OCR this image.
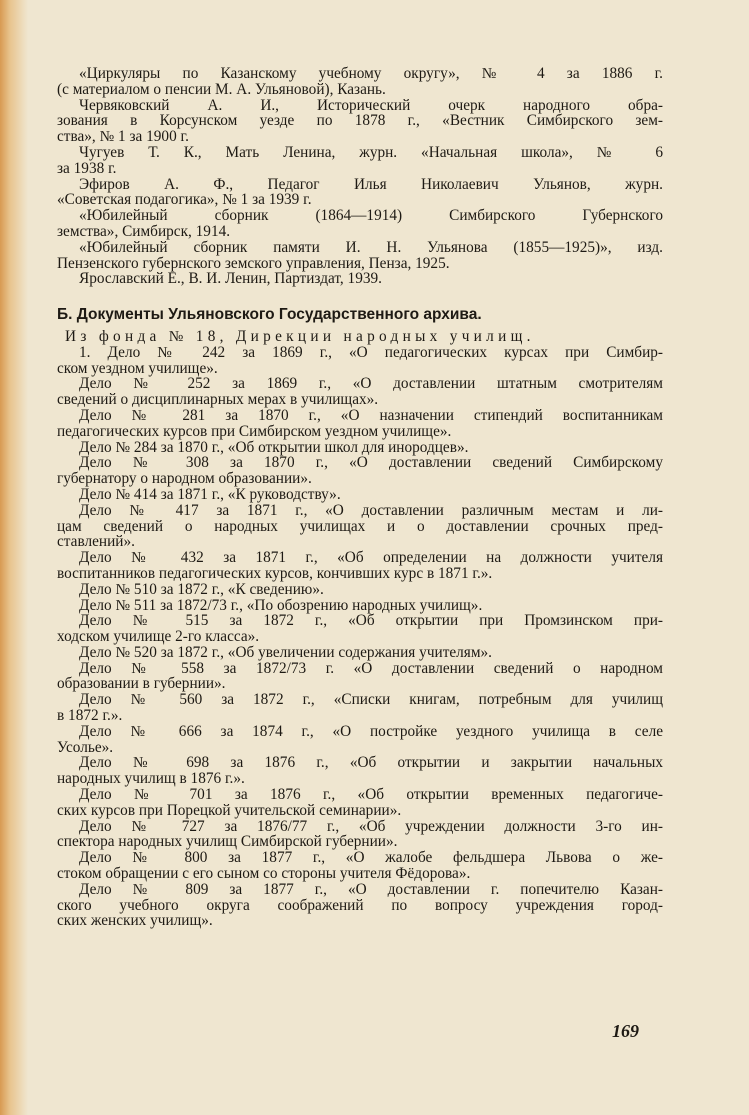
«Циркуляры по Казанскому учебному округу», № 4 за 1886 г.
(с материалом о пенсии М. А. Ульяновой), Казань.
Червяковский А. И., Исторический очерк народного обра-
зования в Корсунском уезде по 1878 г., «Вестник Симбирского зем-
ства», № 1 за 1900 г.
Чугуев Т. К., Мать Ленина, журн. «Начальная школа», № 6
за 1938 г.
Эфиров А. Ф., Педагог Илья Николаевич Ульянов, журн.
«Советская подагогика», № 1 за 1939 г.
«Юбилейный сборник (1864—1914) Симбирского Губернского
земства», Симбирск, 1914.
«Юбилейный сборник памяти И. Н. Ульянова (1855—1925)», изд.
Пензенского губернского земского управления, Пенза, 1925.
Ярославский Е., В. И. Ленин, Партиздат, 1939.
Б. Документы Ульяновского Государственного архива.
Из фонда № 18, Дирекции народных училищ.
1. Дело № 242 за 1869 г., «О педагогических курсах при Симбир-
ском уездном училище».
Дело № 252 за 1869 г., «О доставлении штатным смотрителям
сведений о дисциплинарных мерах в училищах».
Дело № 281 за 1870 г., «О назначении стипендий воспитанникам
педагогических курсов при Симбирском уездном училище».
Дело № 284 за 1870 г., «Об открытии школ для инородцев».
Дело № 308 за 1870 г., «О доставлении сведений Симбирскому
губернатору о народном образовании».
Дело № 414 за 1871 г., «К руководству».
Дело № 417 за 1871 г., «О доставлении различным местам и ли-
цам сведений о народных училищах и о доставлении срочных пред-
ставлений».
Дело № 432 за 1871 г., «Об определении на должности учителя
воспитанников педагогических курсов, кончивших курс в 1871 г.».
Дело № 510 за 1872 г., «К сведению».
Дело № 511 за 1872/73 г., «По обозрению народных училищ».
Дело № 515 за 1872 г., «Об открытии при Промзинском при-
ходском училище 2-го класса».
Дело № 520 за 1872 г., «Об увеличении содержания учителям».
Дело № 558 за 1872/73 г. «О доставлении сведений о народном
образовании в губернии».
Дело № 560 за 1872 г., «Списки книгам, потребным для училищ
в 1872 г.».
Дело № 666 за 1874 г., «О постройке уездного училища в селе
Усолье».
Дело № 698 за 1876 г., «Об открытии и закрытии начальных
народных училищ в 1876 г.».
Дело № 701 за 1876 г., «Об открытии временных педагогиче-
ских курсов при Порецкой учительской семинарии».
Дело № 727 за 1876/77 г., «Об учреждении должности 3-го ин-
спектора народных училищ Симбирской губернии».
Дело № 800 за 1877 г., «О жалобе фельдшера Львова о же-
стоком обращении с его сыном со стороны учителя Фёдорова».
Дело № 809 за 1877 г., «О доставлении г. попечителю Казан-
ского учебного округа соображений по вопросу учреждения город-
ских женских училищ».
169
